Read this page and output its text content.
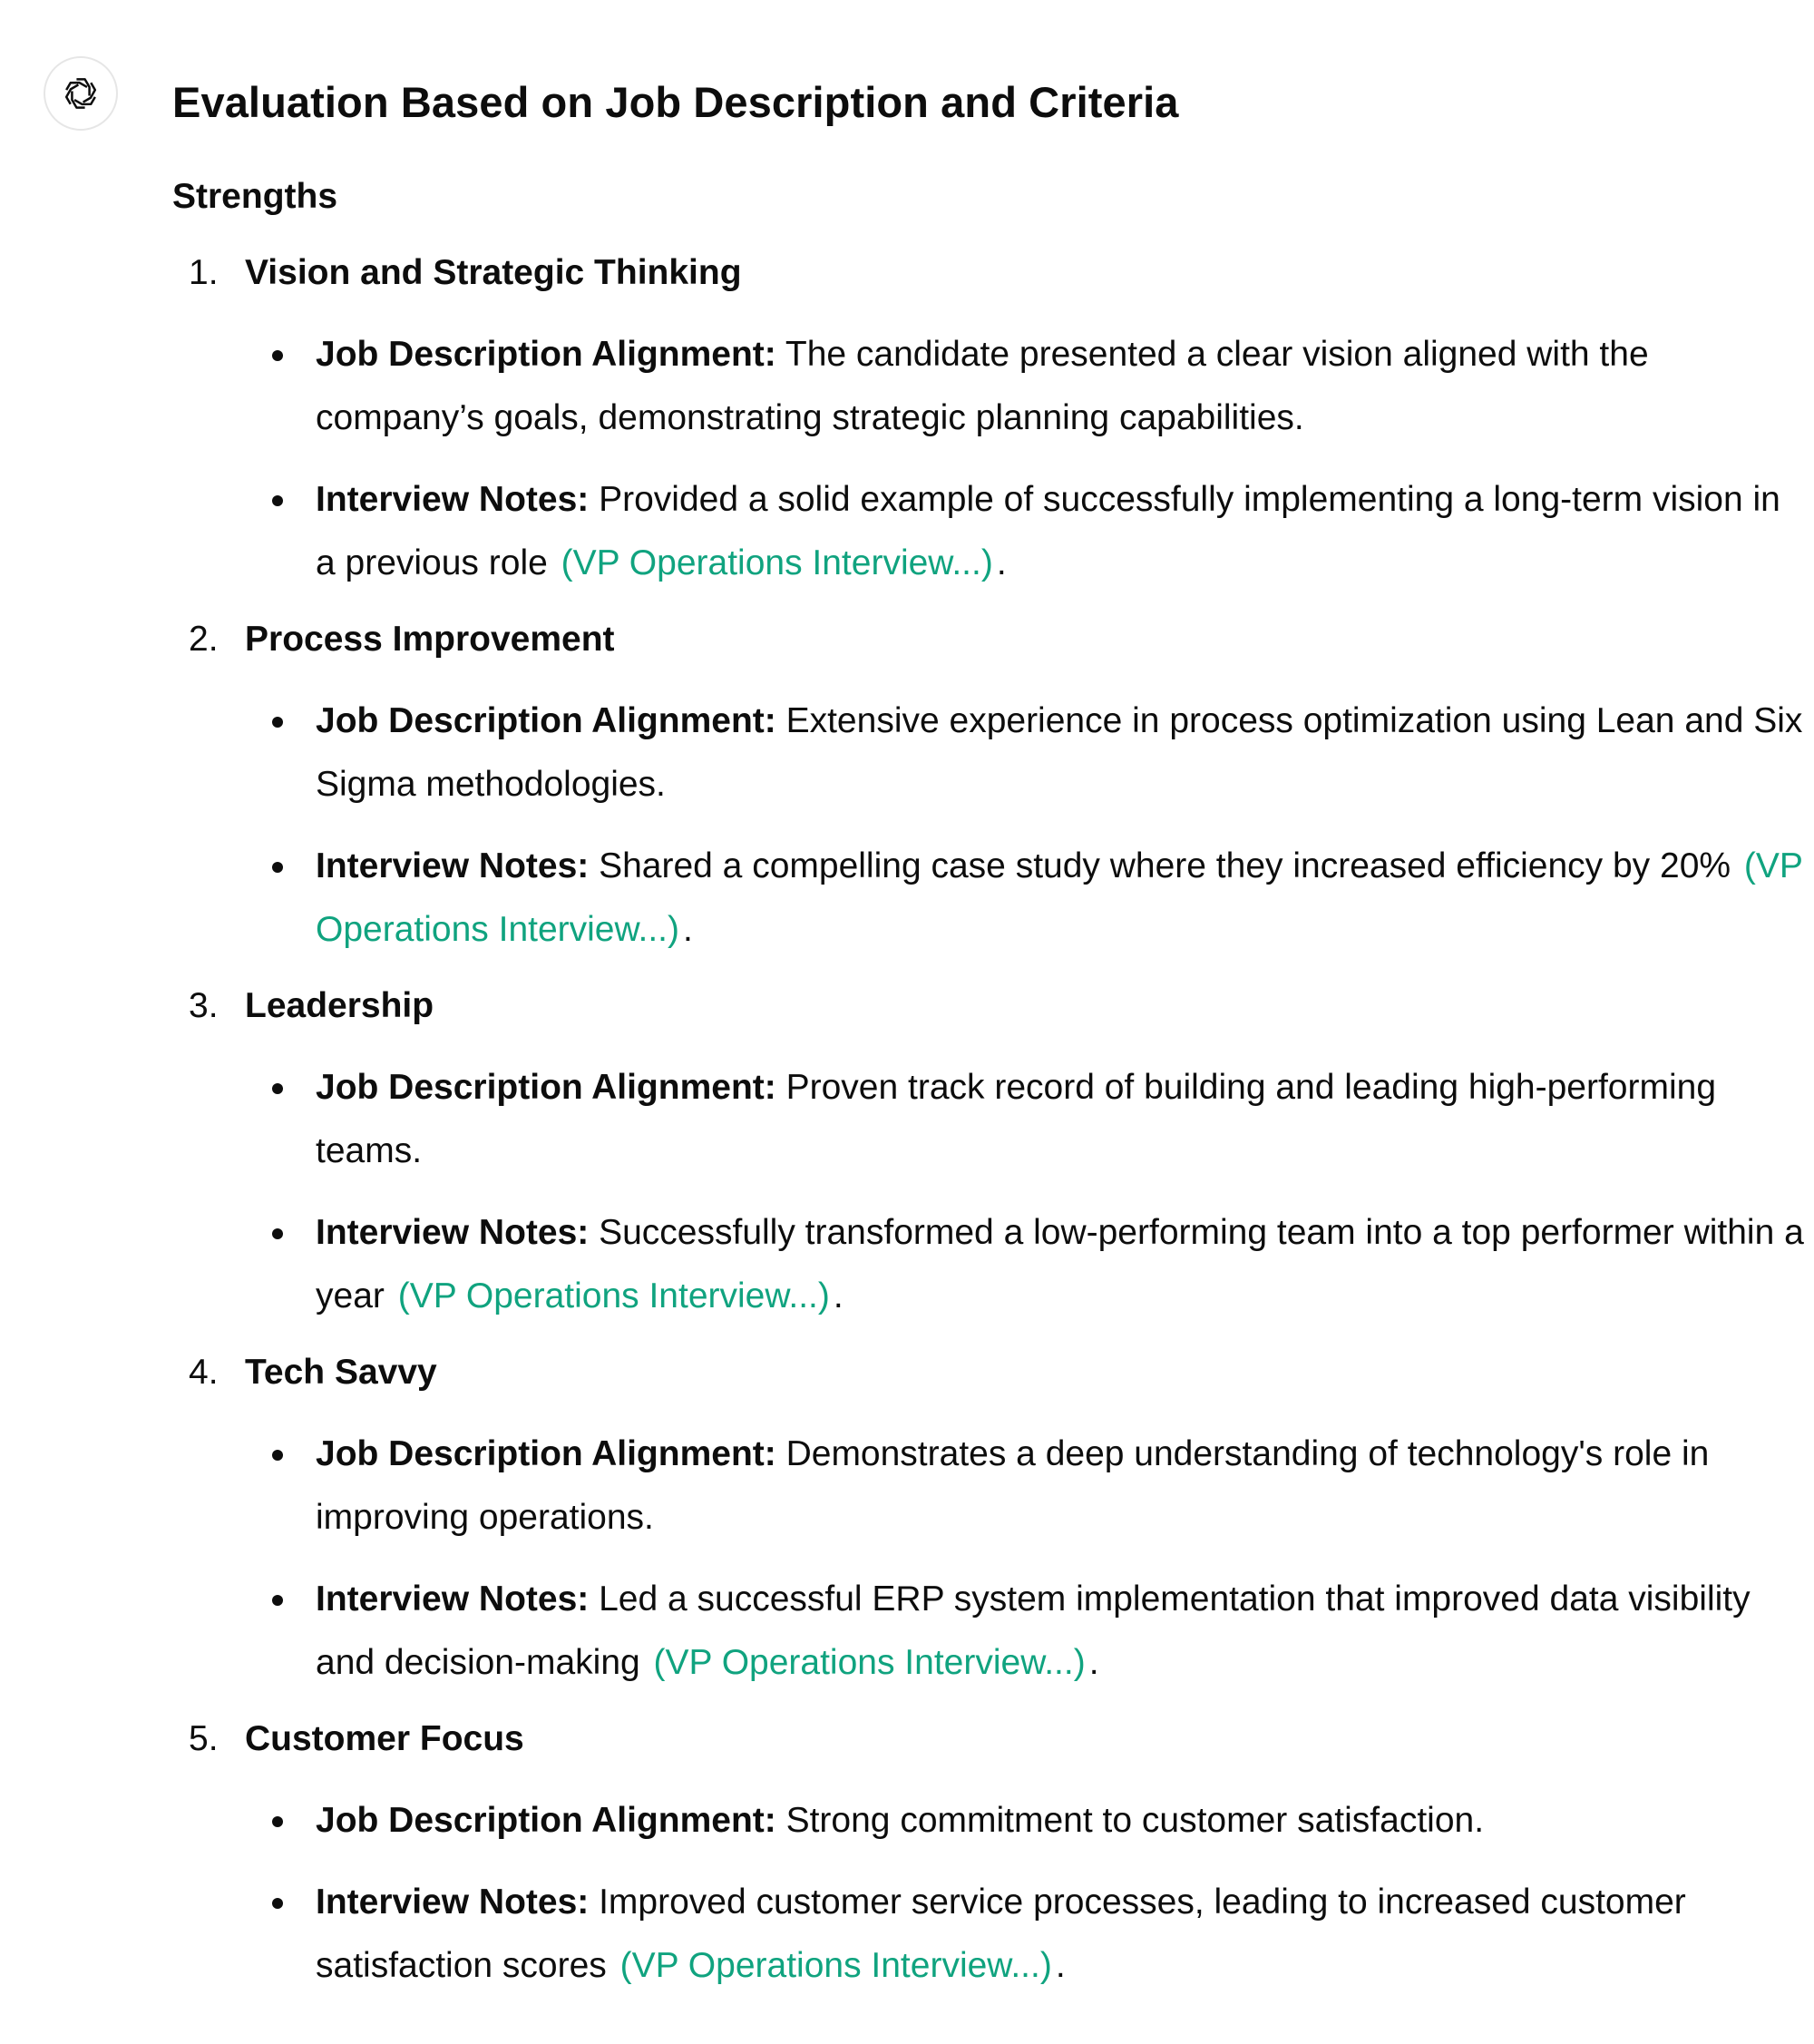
Evaluation Based on Job Description and Criteria
Strengths
1. Vision and Strategic Thinking
Job Description Alignment: The candidate presented a clear vision aligned with the company’s goals, demonstrating strategic planning capabilities.
Interview Notes: Provided a solid example of successfully implementing a long-term vision in a previous role (VP Operations Interview...) .
2. Process Improvement
Job Description Alignment: Extensive experience in process optimization using Lean and Six Sigma methodologies.
Interview Notes: Shared a compelling case study where they increased efficiency by 20% (VP Operations Interview...) .
3. Leadership
Job Description Alignment: Proven track record of building and leading high-performing teams.
Interview Notes: Successfully transformed a low-performing team into a top performer within a year (VP Operations Interview...) .
4. Tech Savvy
Job Description Alignment: Demonstrates a deep understanding of technology's role in improving operations.
Interview Notes: Led a successful ERP system implementation that improved data visibility and decision-making (VP Operations Interview...) .
5. Customer Focus
Job Description Alignment: Strong commitment to customer satisfaction.
Interview Notes: Improved customer service processes, leading to increased customer satisfaction scores (VP Operations Interview...) .
